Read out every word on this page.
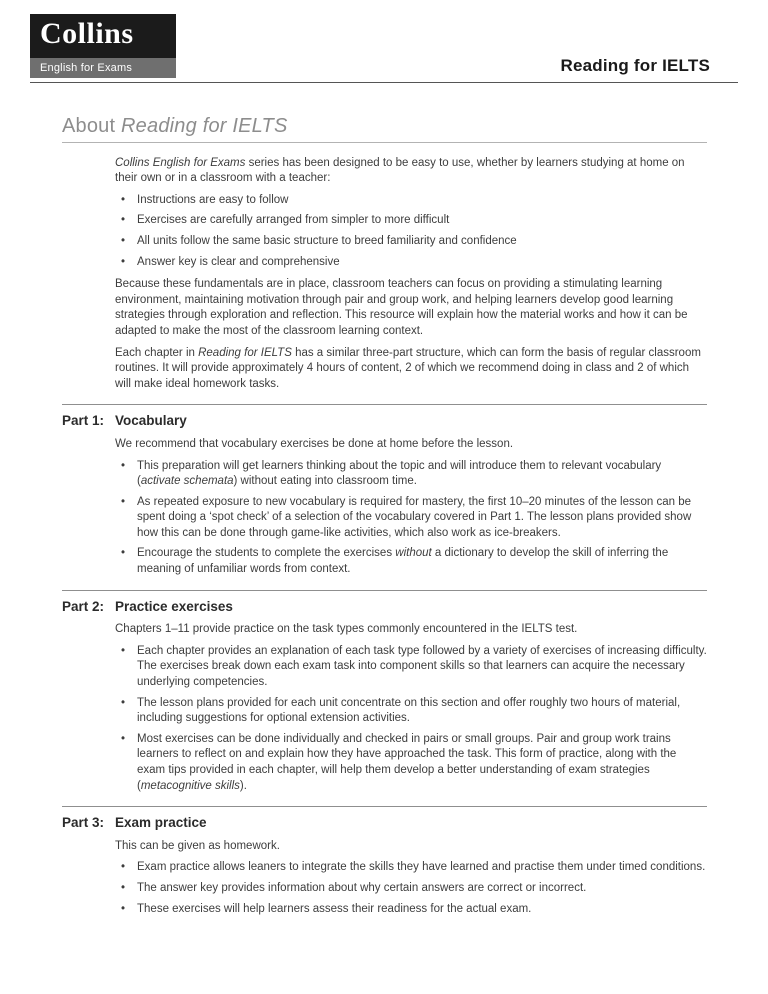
Collins
English for Exams	Reading for IELTS
About Reading for IELTS

Collins English for Exams series has been designed to be easy to use, whether by learners studying at home on their own or in a classroom with a teacher:

• Instructions are easy to follow
• Exercises are carefully arranged from simpler to more difficult
• All units follow the same basic structure to breed familiarity and confidence
• Answer key is clear and comprehensive

Because these fundamentals are in place, classroom teachers can focus on providing a stimulating learning environment, maintaining motivation through pair and group work, and helping learners develop good learning strategies through exploration and reflection. This resource will explain how the material works and how it can be adapted to make the most of the classroom learning context.

Each chapter in Reading for IELTS has a similar three-part structure, which can form the basis of regular classroom routines. It will provide approximately 4 hours of content, 2 of which we recommend doing in class and 2 of which will make ideal homework tasks.

Part 1: Vocabulary

We recommend that vocabulary exercises be done at home before the lesson.

• This preparation will get learners thinking about the topic and will introduce them to relevant vocabulary (activate schemata) without eating into classroom time.
• As repeated exposure to new vocabulary is required for mastery, the first 10–20 minutes of the lesson can be spent doing a ‘spot check’ of a selection of the vocabulary covered in Part 1. The lesson plans provided show how this can be done through game-like activities, which also work as ice-breakers.
• Encourage the students to complete the exercises without a dictionary to develop the skill of inferring the meaning of unfamiliar words from context.
Part 2: Practice exercises

Chapters 1–11 provide practice on the task types commonly encountered in the IELTS test.

• Each chapter provides an explanation of each task type followed by a variety of exercises of increasing difficulty. The exercises break down each exam task into component skills so that learners can acquire the necessary underlying competencies.
• The lesson plans provided for each unit concentrate on this section and offer roughly two hours of material, including suggestions for optional extension activities.
• Most exercises can be done individually and checked in pairs or small groups. Pair and group work trains learners to reflect on and explain how they have approached the task. This form of practice, along with the exam tips provided in each chapter, will help them develop a better understanding of exam strategies (metacognitive skills).
Part 3: Exam practice

This can be given as homework.

• Exam practice allows leaners to integrate the skills they have learned and practise them under timed conditions.
• The answer key provides information about why certain answers are correct or incorrect.
• These exercises will help learners assess their readiness for the actual exam.
